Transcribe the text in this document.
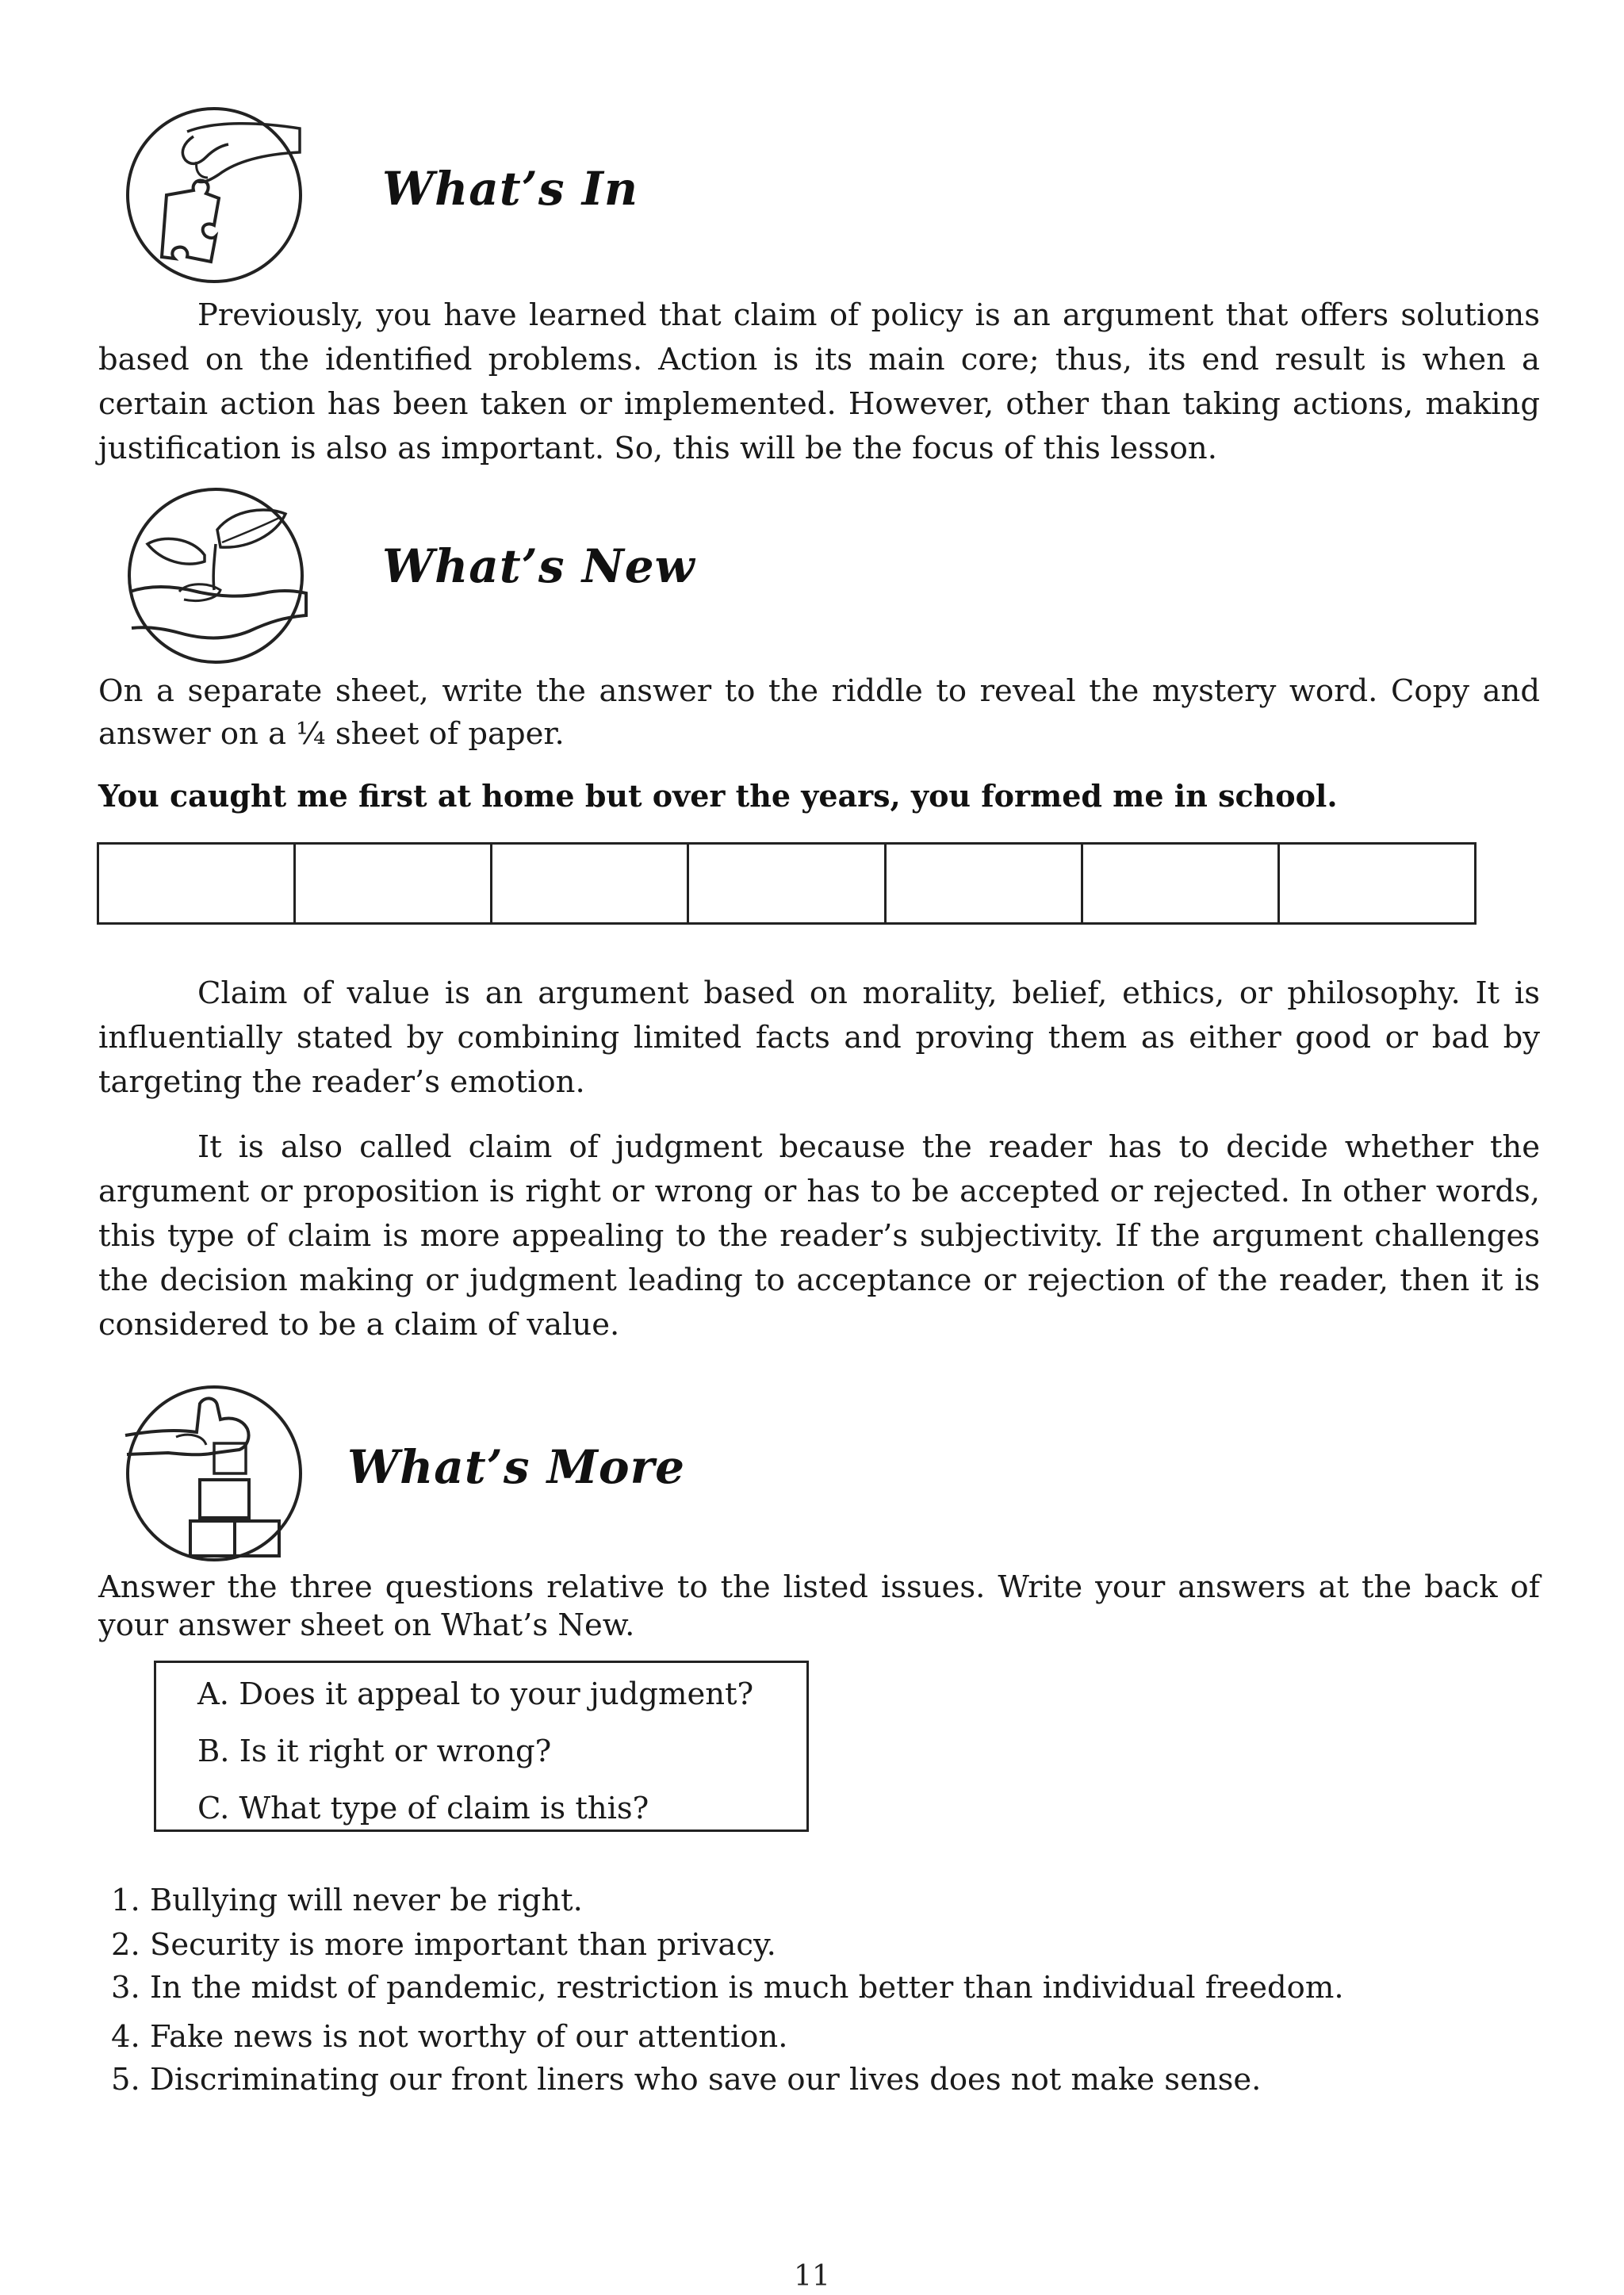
What’s In
Previously, you have learned that claim of policy is an argument that offers solutions based on the identified problems. Action is its main core; thus, its end result is when a certain action has been taken or implemented. However, other than taking actions, making justification is also as important. So, this will be the focus of this lesson.
What’s New
On a separate sheet, write the answer to the riddle to reveal the mystery word. Copy and answer on a ¼ sheet of paper.
You caught me first at home but over the years, you formed me in school.

Claim of value is an argument based on morality, belief, ethics, or philosophy. It is influentially stated by combining limited facts and proving them as either good or bad by targeting the reader’s emotion.
It is also called claim of judgment because the reader has to decide whether the argument or proposition is right or wrong or has to be accepted or rejected. In other words, this type of claim is more appealing to the reader’s subjectivity. If the argument challenges the decision making or judgment leading to acceptance or rejection of the reader, then it is considered to be a claim of value.
What’s More
Answer the three questions relative to the listed issues. Write your answers at the back of your answer sheet on What’s New.
A. Does it appeal to your judgment?
B. Is it right or wrong?
C. What type of claim is this?
1. Bullying will never be right.
2. Security is more important than privacy.
3. In the midst of pandemic, restriction is much better than individual freedom.
4. Fake news is not worthy of our attention.
5. Discriminating our front liners who save our lives does not make sense.
11
